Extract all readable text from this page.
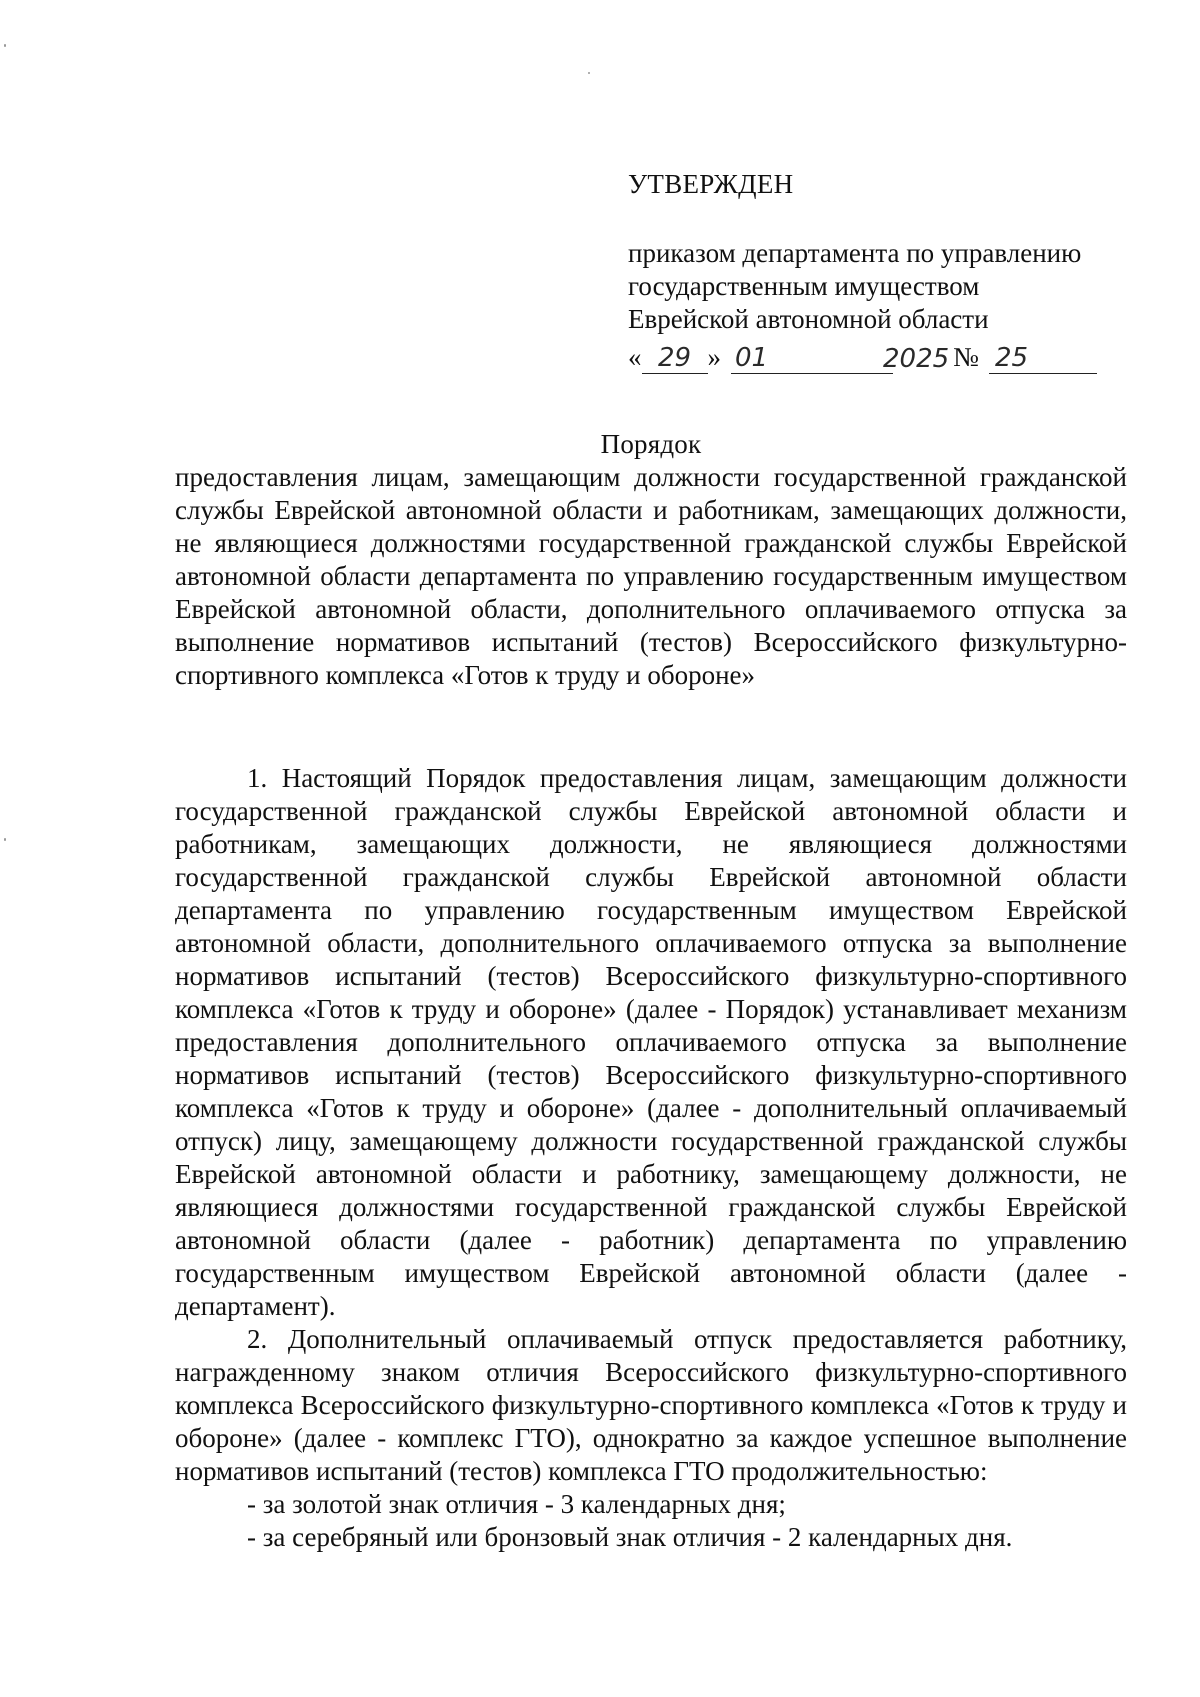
УТВЕРЖДЕН
приказом департамента по управлению
государственным имуществом
Еврейской автономной области
« 29 » 01	2025 № 25
Порядок

предоставления лицам, замещающим должности государственной гражданской службы Еврейской автономной области и работникам, замещающих должности, не являющиеся должностями государственной гражданской службы Еврейской автономной области департамента по управлению государственным имуществом Еврейской автономной области, дополнительного оплачиваемого отпуска за выполнение нормативов испытаний (тестов) Всероссийского физкультурно-спортивного комплекса «Готов к труду и обороне»

1. Настоящий Порядок предоставления лицам, замещающим должности государственной гражданской службы Еврейской автономной области и работникам, замещающих должности, не являющиеся должностями государственной гражданской службы Еврейской автономной области департамента по управлению государственным имуществом Еврейской автономной области, дополнительного оплачиваемого отпуска за выполнение нормативов испытаний (тестов) Всероссийского физкультурно-спортивного комплекса «Готов к труду и обороне» (далее - Порядок) устанавливает механизм предоставления дополнительного оплачиваемого отпуска за выполнение нормативов испытаний (тестов) Всероссийского физкультурно-спортивного комплекса «Готов к труду и обороне» (далее - дополнительный оплачиваемый отпуск) лицу, замещающему должности государственной гражданской службы Еврейской автономной области и работнику, замещающему должности, не являющиеся должностями государственной гражданской службы Еврейской автономной области (далее - работник) департамента по управлению государственным имуществом Еврейской автономной области (далее - департамент).

2. Дополнительный оплачиваемый отпуск предоставляется работнику, награжденному знаком отличия Всероссийского физкультурно-спортивного комплекса Всероссийского физкультурно-спортивного комплекса «Готов к труду и обороне» (далее - комплекс ГТО), однократно за каждое успешное выполнение нормативов испытаний (тестов) комплекса ГТО продолжительностью:

- за золотой знак отличия - 3 календарных дня;

- за серебряный или бронзовый знак отличия - 2 календарных дня.
